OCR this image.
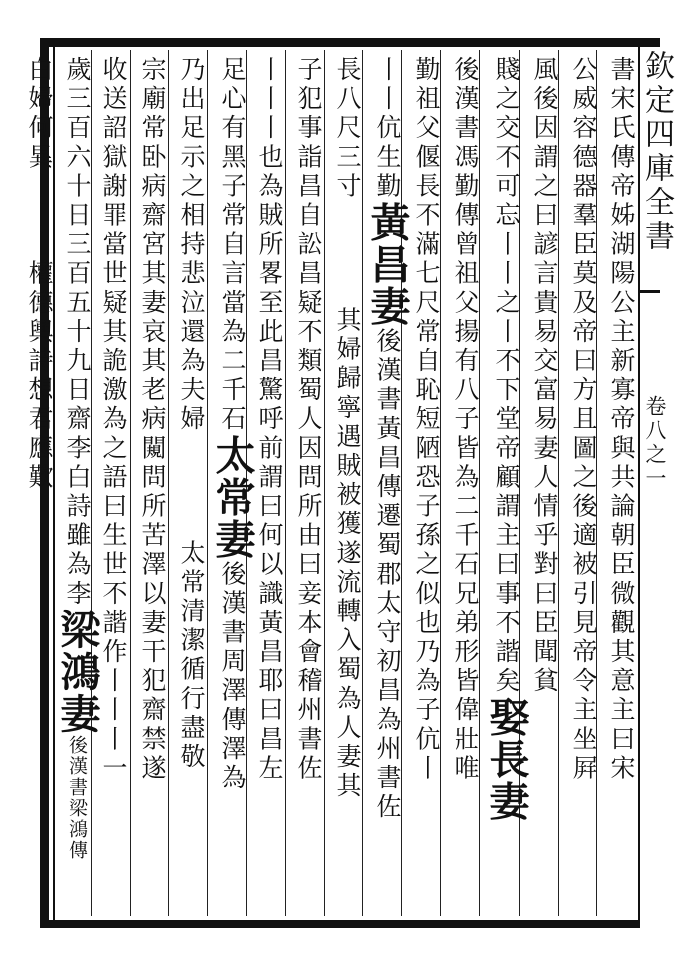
欽定四庫全書
卷八之一
書宋氏傳帝姊湖陽公主新寡帝與共論朝臣微觀其意主曰宋
公威容德器羣臣莫及帝曰方且圖之後適被引見帝令主坐屛
風後因謂之曰諺言貴易交富易妻人情乎對曰臣聞貧
賤之交不可忘丨丨之丨不下堂帝顧謂主曰事不諧矣娶長妻
後漢書馮勤傳曾祖父揚有八子皆為二千石兄弟形皆偉壯唯
勤祖父偃長不滿七尺常自恥短陋恐子孫之似也乃為子伉丨
丨丨伉生勤黃昌妻後漢書黃昌傳遷蜀郡太守初昌為州書佐
長八尺三寸其婦歸寧遇賊被獲遂流轉入蜀為人妻其
子犯事詣昌自訟昌疑不類蜀人因問所由曰妾本會稽州書佐
丨丨丨也為賊所畧至此昌驚呼前謂曰何以識黃昌耶曰昌左
足心有黑子常自言當為二千石太常妻後漢書周澤傳澤為
乃出足示之相持悲泣還為夫婦太常清潔循行盡敬
宗廟常卧病齋宮其妻哀其老病闚問所苦澤以妻干犯齋禁遂
收送詔獄謝罪當世疑其詭激為之語曰生世不諧作丨丨丨一
歲三百六十日三百五十九日齋李白詩雖為李梁鴻妻後漢書梁鴻傳
白婦何異丨丨丨權德輿詩想君應歎丨丨丨
